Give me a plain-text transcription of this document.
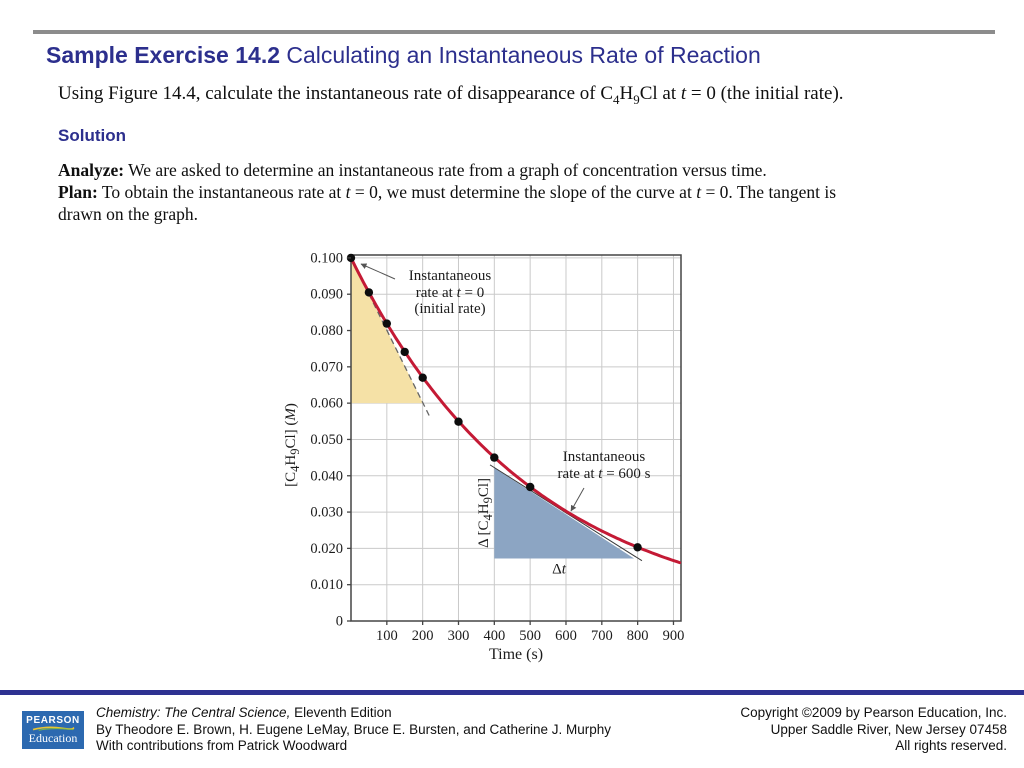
Sample Exercise 14.2 Calculating an Instantaneous Rate of Reaction

Using Figure 14.4, calculate the instantaneous rate of disappearance of $C_4H_9Cl$ at t = 0 (the initial rate).

Solution
Analyze: We are asked to determine an instantaneous rate from a graph of concentration versus time.
Plan: To obtain the instantaneous rate at t = 0, we must determine the slope of the curve at t = 0. The tangent is drawn on the graph.
100 200 300 400 500 600 700 800 900
0.100
0.090
0.080
0.070
0.060
0.050
0.040
0.030
0.020
0.010
0
Time (s)
Instantaneous
rate at t = 0
(initial rate)
Instantaneous
rate at t = 600 s
$[C_4H_9Cl]$ (M)
Δ $[C_4H_9Cl]$
Δt
PEARSON
Education
Chemistry: The Central Science, Eleventh Edition
By Theodore E. Brown, H. Eugene LeMay, Bruce E. Bursten, and Catherine J. Murphy
With contributions from Patrick Woodward
Copyright ©2009 by Pearson Education, Inc.
Upper Saddle River, New Jersey 07458
All rights reserved.
